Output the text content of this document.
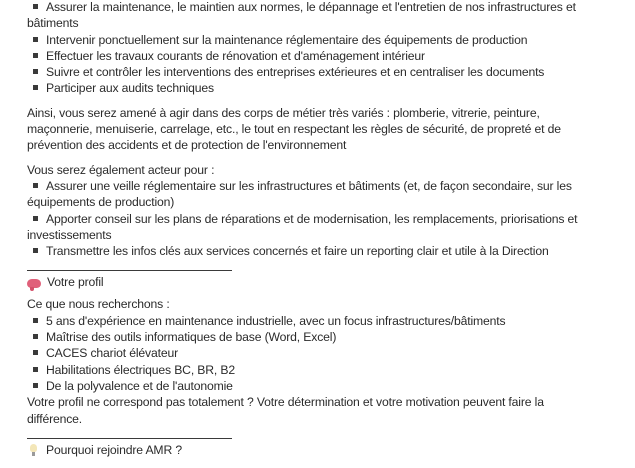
Assurer la maintenance, le maintien aux normes, le dépannage et l'entretien de nos infrastructures et

bâtiments

Intervenir ponctuellement sur la maintenance réglementaire des équipements de production

Effectuer les travaux courants de rénovation et d'aménagement intérieur

Suivre et contrôler les interventions des entreprises extérieures et en centraliser les documents

Participer aux audits techniques

Ainsi, vous serez amené à agir dans des corps de métier très variés : plomberie, vitrerie, peinture,

maçonnerie, menuiserie, carrelage, etc., le tout en respectant les règles de sécurité, de propreté et de

prévention des accidents et de protection de l'environnement

Vous serez également acteur pour :

Assurer une veille réglementaire sur les infrastructures et bâtiments (et, de façon secondaire, sur les

équipements de production)

Apporter conseil sur les plans de réparations et de modernisation, les remplacements, priorisations et

investissements

Transmettre les infos clés aux services concernés et faire un reporting clair et utile à la Direction

Votre profil

Ce que nous recherchons :

5 ans d'expérience en maintenance industrielle, avec un focus infrastructures/bâtiments

Maîtrise des outils informatiques de base (Word, Excel)

CACES chariot élévateur

Habilitations électriques BC, BR, B2

De la polyvalence et de l'autonomie

Votre profil ne correspond pas totalement ? Votre détermination et votre motivation peuvent faire la

différence.

Pourquoi rejoindre AMR ?
